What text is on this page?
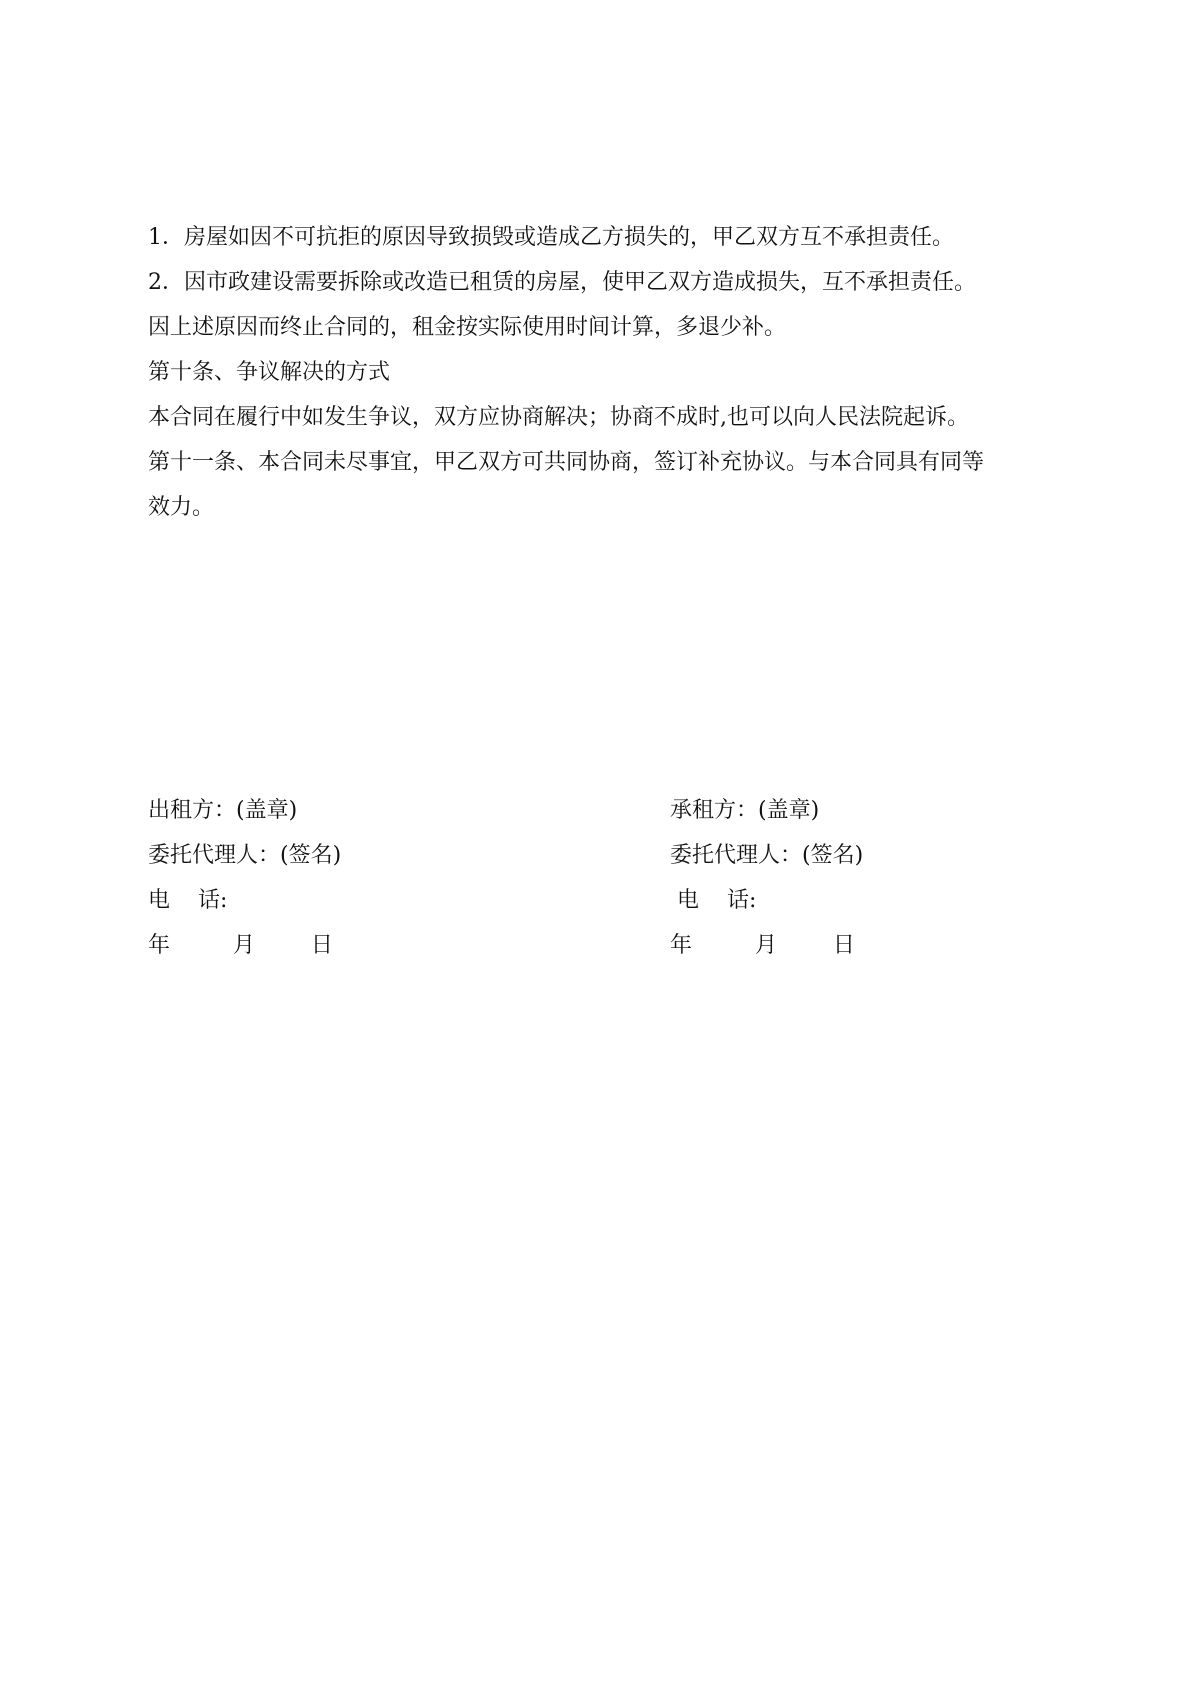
1．房屋如因不可抗拒的原因导致损毁或造成乙方损失的，甲乙双方互不承担责任。
2．因市政建设需要拆除或改造已租赁的房屋，使甲乙双方造成损失，互不承担责任。
因上述原因而终止合同的，租金按实际使用时间计算，多退少补。
第十条、争议解决的方式
本合同在履行中如发生争议，双方应协商解决；协商不成时,也可以向人民法院起诉。
第十一条、本合同未尽事宜，甲乙双方可共同协商，签订补充协议。与本合同具有同等
效力。
出租方：(盖章)
委托代理人：(签名)
电    话:
年         月        日
承租方：(盖章)
委托代理人：(签名)
电    话:
年         月        日
